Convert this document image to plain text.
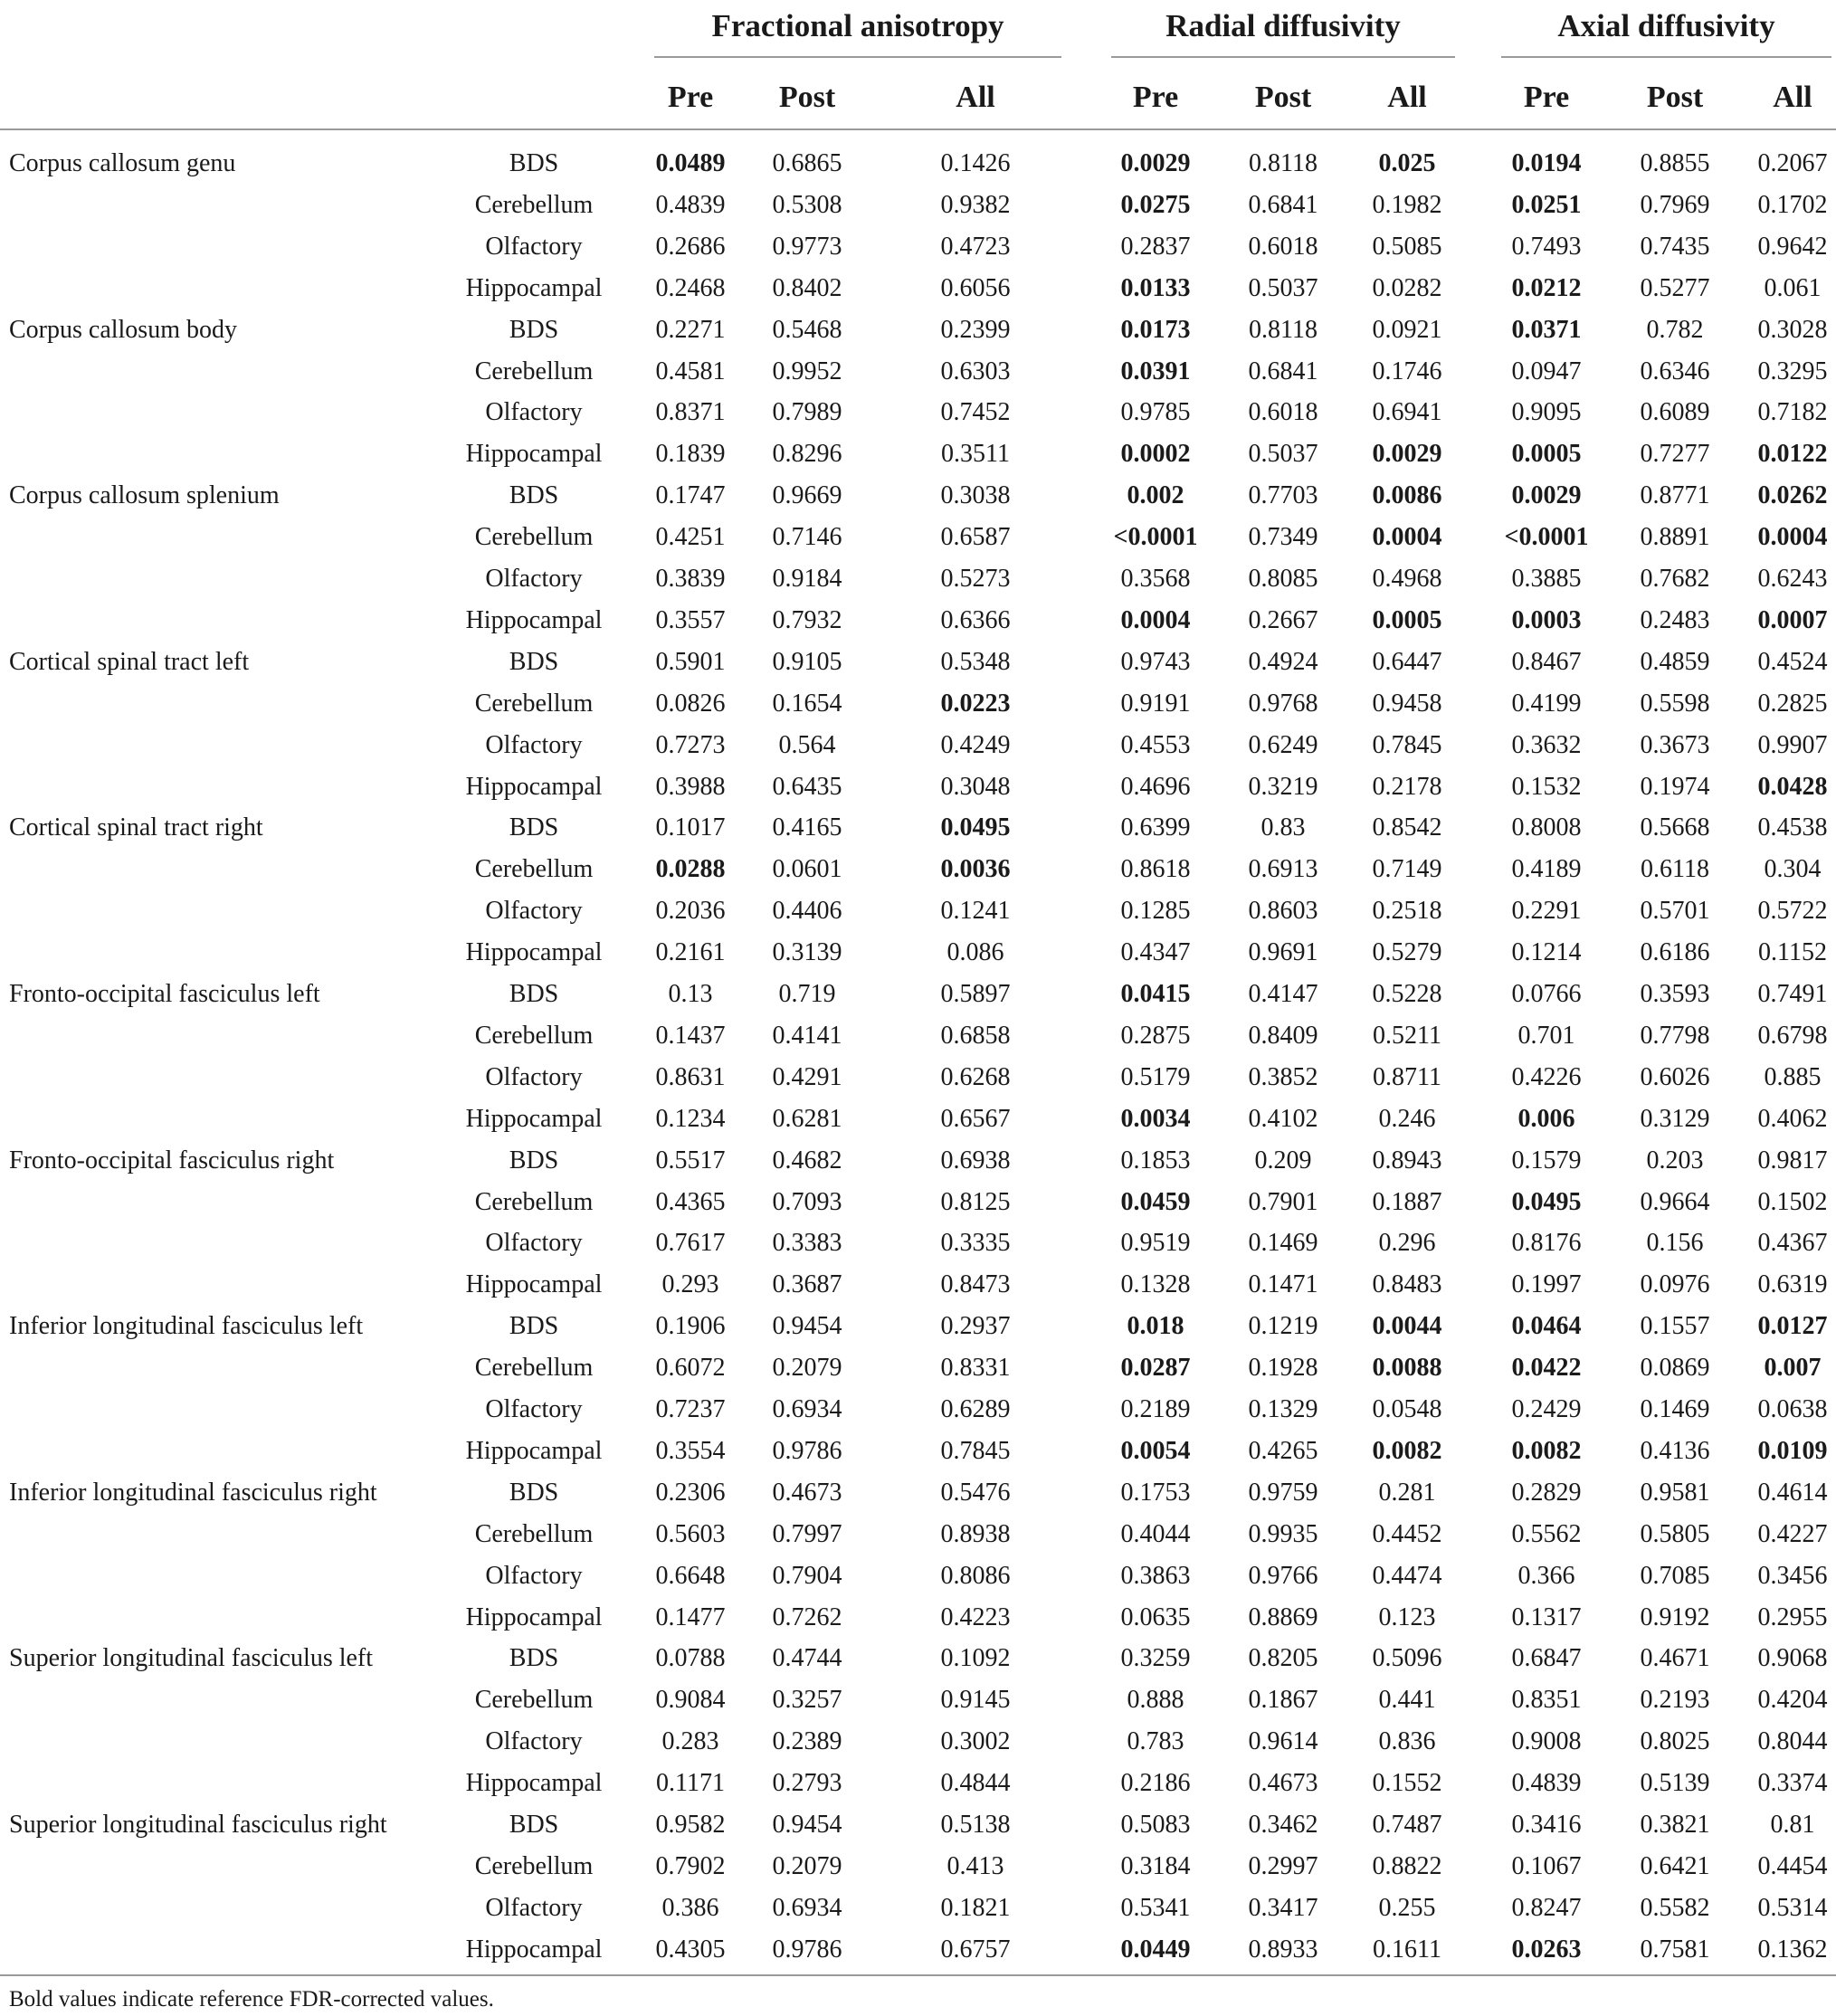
Fractional anisotropy	Radial diffusivity	Axial diffusivity
Pre	Post	All	Pre	Post	All	Pre	Post	All
Corpus callosum genu	BDS	0.0489	0.6865	0.1426	0.0029	0.8118	0.025	0.0194	0.8855	0.2067
Cerebellum	0.4839	0.5308	0.9382	0.0275	0.6841	0.1982	0.0251	0.7969	0.1702
Olfactory	0.2686	0.9773	0.4723	0.2837	0.6018	0.5085	0.7493	0.7435	0.9642
Hippocampal	0.2468	0.8402	0.6056	0.0133	0.5037	0.0282	0.0212	0.5277	0.061
Corpus callosum body	BDS	0.2271	0.5468	0.2399	0.0173	0.8118	0.0921	0.0371	0.782	0.3028
Cerebellum	0.4581	0.9952	0.6303	0.0391	0.6841	0.1746	0.0947	0.6346	0.3295
Olfactory	0.8371	0.7989	0.7452	0.9785	0.6018	0.6941	0.9095	0.6089	0.7182
Hippocampal	0.1839	0.8296	0.3511	0.0002	0.5037	0.0029	0.0005	0.7277	0.0122
Corpus callosum splenium	BDS	0.1747	0.9669	0.3038	0.002	0.7703	0.0086	0.0029	0.8771	0.0262
Cerebellum	0.4251	0.7146	0.6587	<0.0001	0.7349	0.0004	<0.0001	0.8891	0.0004
Olfactory	0.3839	0.9184	0.5273	0.3568	0.8085	0.4968	0.3885	0.7682	0.6243
Hippocampal	0.3557	0.7932	0.6366	0.0004	0.2667	0.0005	0.0003	0.2483	0.0007
Cortical spinal tract left	BDS	0.5901	0.9105	0.5348	0.9743	0.4924	0.6447	0.8467	0.4859	0.4524
Cerebellum	0.0826	0.1654	0.0223	0.9191	0.9768	0.9458	0.4199	0.5598	0.2825
Olfactory	0.7273	0.564	0.4249	0.4553	0.6249	0.7845	0.3632	0.3673	0.9907
Hippocampal	0.3988	0.6435	0.3048	0.4696	0.3219	0.2178	0.1532	0.1974	0.0428
Cortical spinal tract right	BDS	0.1017	0.4165	0.0495	0.6399	0.83	0.8542	0.8008	0.5668	0.4538
Cerebellum	0.0288	0.0601	0.0036	0.8618	0.6913	0.7149	0.4189	0.6118	0.304
Olfactory	0.2036	0.4406	0.1241	0.1285	0.8603	0.2518	0.2291	0.5701	0.5722
Hippocampal	0.2161	0.3139	0.086	0.4347	0.9691	0.5279	0.1214	0.6186	0.1152
Fronto-occipital fasciculus left	BDS	0.13	0.719	0.5897	0.0415	0.4147	0.5228	0.0766	0.3593	0.7491
Cerebellum	0.1437	0.4141	0.6858	0.2875	0.8409	0.5211	0.701	0.7798	0.6798
Olfactory	0.8631	0.4291	0.6268	0.5179	0.3852	0.8711	0.4226	0.6026	0.885
Hippocampal	0.1234	0.6281	0.6567	0.0034	0.4102	0.246	0.006	0.3129	0.4062
Fronto-occipital fasciculus right	BDS	0.5517	0.4682	0.6938	0.1853	0.209	0.8943	0.1579	0.203	0.9817
Cerebellum	0.4365	0.7093	0.8125	0.0459	0.7901	0.1887	0.0495	0.9664	0.1502
Olfactory	0.7617	0.3383	0.3335	0.9519	0.1469	0.296	0.8176	0.156	0.4367
Hippocampal	0.293	0.3687	0.8473	0.1328	0.1471	0.8483	0.1997	0.0976	0.6319
Inferior longitudinal fasciculus left	BDS	0.1906	0.9454	0.2937	0.018	0.1219	0.0044	0.0464	0.1557	0.0127
Cerebellum	0.6072	0.2079	0.8331	0.0287	0.1928	0.0088	0.0422	0.0869	0.007
Olfactory	0.7237	0.6934	0.6289	0.2189	0.1329	0.0548	0.2429	0.1469	0.0638
Hippocampal	0.3554	0.9786	0.7845	0.0054	0.4265	0.0082	0.0082	0.4136	0.0109
Inferior longitudinal fasciculus right	BDS	0.2306	0.4673	0.5476	0.1753	0.9759	0.281	0.2829	0.9581	0.4614
Cerebellum	0.5603	0.7997	0.8938	0.4044	0.9935	0.4452	0.5562	0.5805	0.4227
Olfactory	0.6648	0.7904	0.8086	0.3863	0.9766	0.4474	0.366	0.7085	0.3456
Hippocampal	0.1477	0.7262	0.4223	0.0635	0.8869	0.123	0.1317	0.9192	0.2955
Superior longitudinal fasciculus left	BDS	0.0788	0.4744	0.1092	0.3259	0.8205	0.5096	0.6847	0.4671	0.9068
Cerebellum	0.9084	0.3257	0.9145	0.888	0.1867	0.441	0.8351	0.2193	0.4204
Olfactory	0.283	0.2389	0.3002	0.783	0.9614	0.836	0.9008	0.8025	0.8044
Hippocampal	0.1171	0.2793	0.4844	0.2186	0.4673	0.1552	0.4839	0.5139	0.3374
Superior longitudinal fasciculus right	BDS	0.9582	0.9454	0.5138	0.5083	0.3462	0.7487	0.3416	0.3821	0.81
Cerebellum	0.7902	0.2079	0.413	0.3184	0.2997	0.8822	0.1067	0.6421	0.4454
Olfactory	0.386	0.6934	0.1821	0.5341	0.3417	0.255	0.8247	0.5582	0.5314
Hippocampal	0.4305	0.9786	0.6757	0.0449	0.8933	0.1611	0.0263	0.7581	0.1362
Bold values indicate reference FDR-corrected values.
